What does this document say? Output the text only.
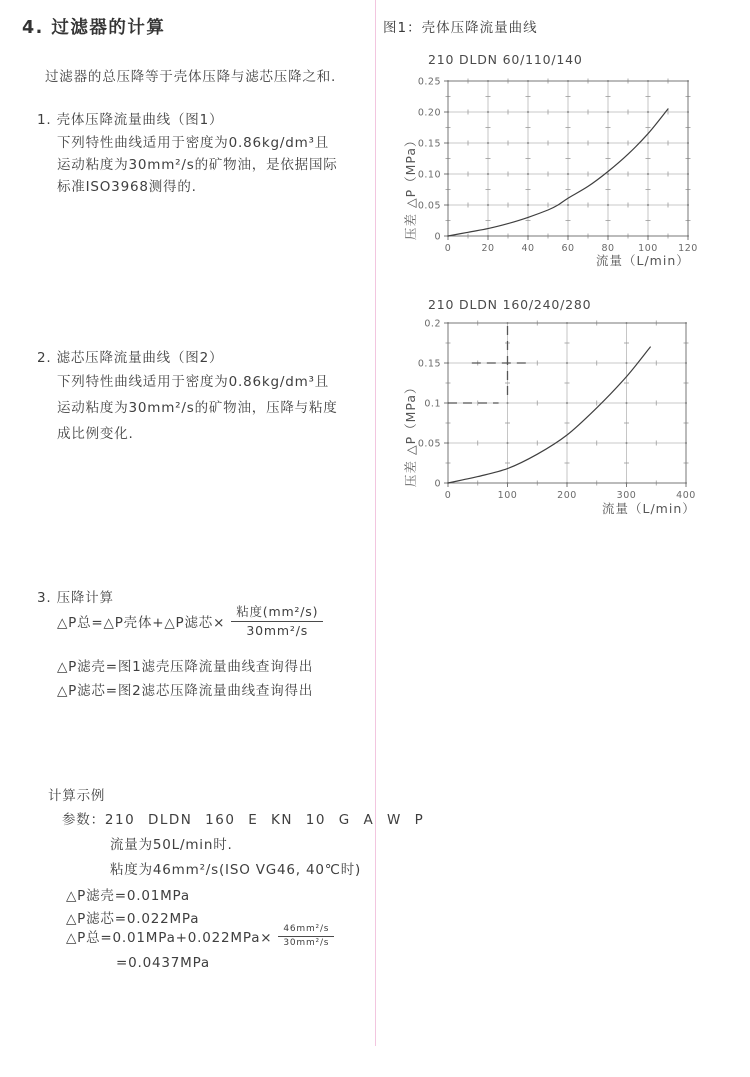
4. 过滤器的计算
过滤器的总压降等于壳体压降与滤芯压降之和.
1. 壳体压降流量曲线（图1）
下列特性曲线适用于密度为0.86kg/dm³且
运动粘度为30mm²/s的矿物油，是依据国际
标准ISO3968测得的.
2. 滤芯压降流量曲线（图2）
下列特性曲线适用于密度为0.86kg/dm³且
运动粘度为30mm²/s的矿物油，压降与粘度
成比例变化.
3. 压降计算
△P总=△P壳体+△P滤芯× $\frac{\text{粘度(mm²/s)}}{\text{30mm²/s}}$
△P滤壳=图1滤壳压降流量曲线查询得出
△P滤芯=图2滤芯压降流量曲线查询得出
计算示例
参数：210 DLDN 160 E KN 10 G A W P
流量为50L/min时.
粘度为46mm²/s(ISO VG46, 40℃时)
△P滤壳=0.01MPa
△P滤芯=0.022MPa
△P总$=0.01MPa+0.022MPa\times \frac{\text{46mm²/s}}{\text{30mm²/s}}$
=0.0437MPa
图1：壳体压降流量曲线
210 DLDN 60/110/140
压差 △P（MPa）
0	20	40	60	80 100 120
0
0.05
0.10
0.15
0.20
0.25
流量（L/min）
210 DLDN 160/240/280
压差 △P（MPa）
0	100	200	300	400
0
0.05
0.1
0.15
0.2
流量（L/min）
